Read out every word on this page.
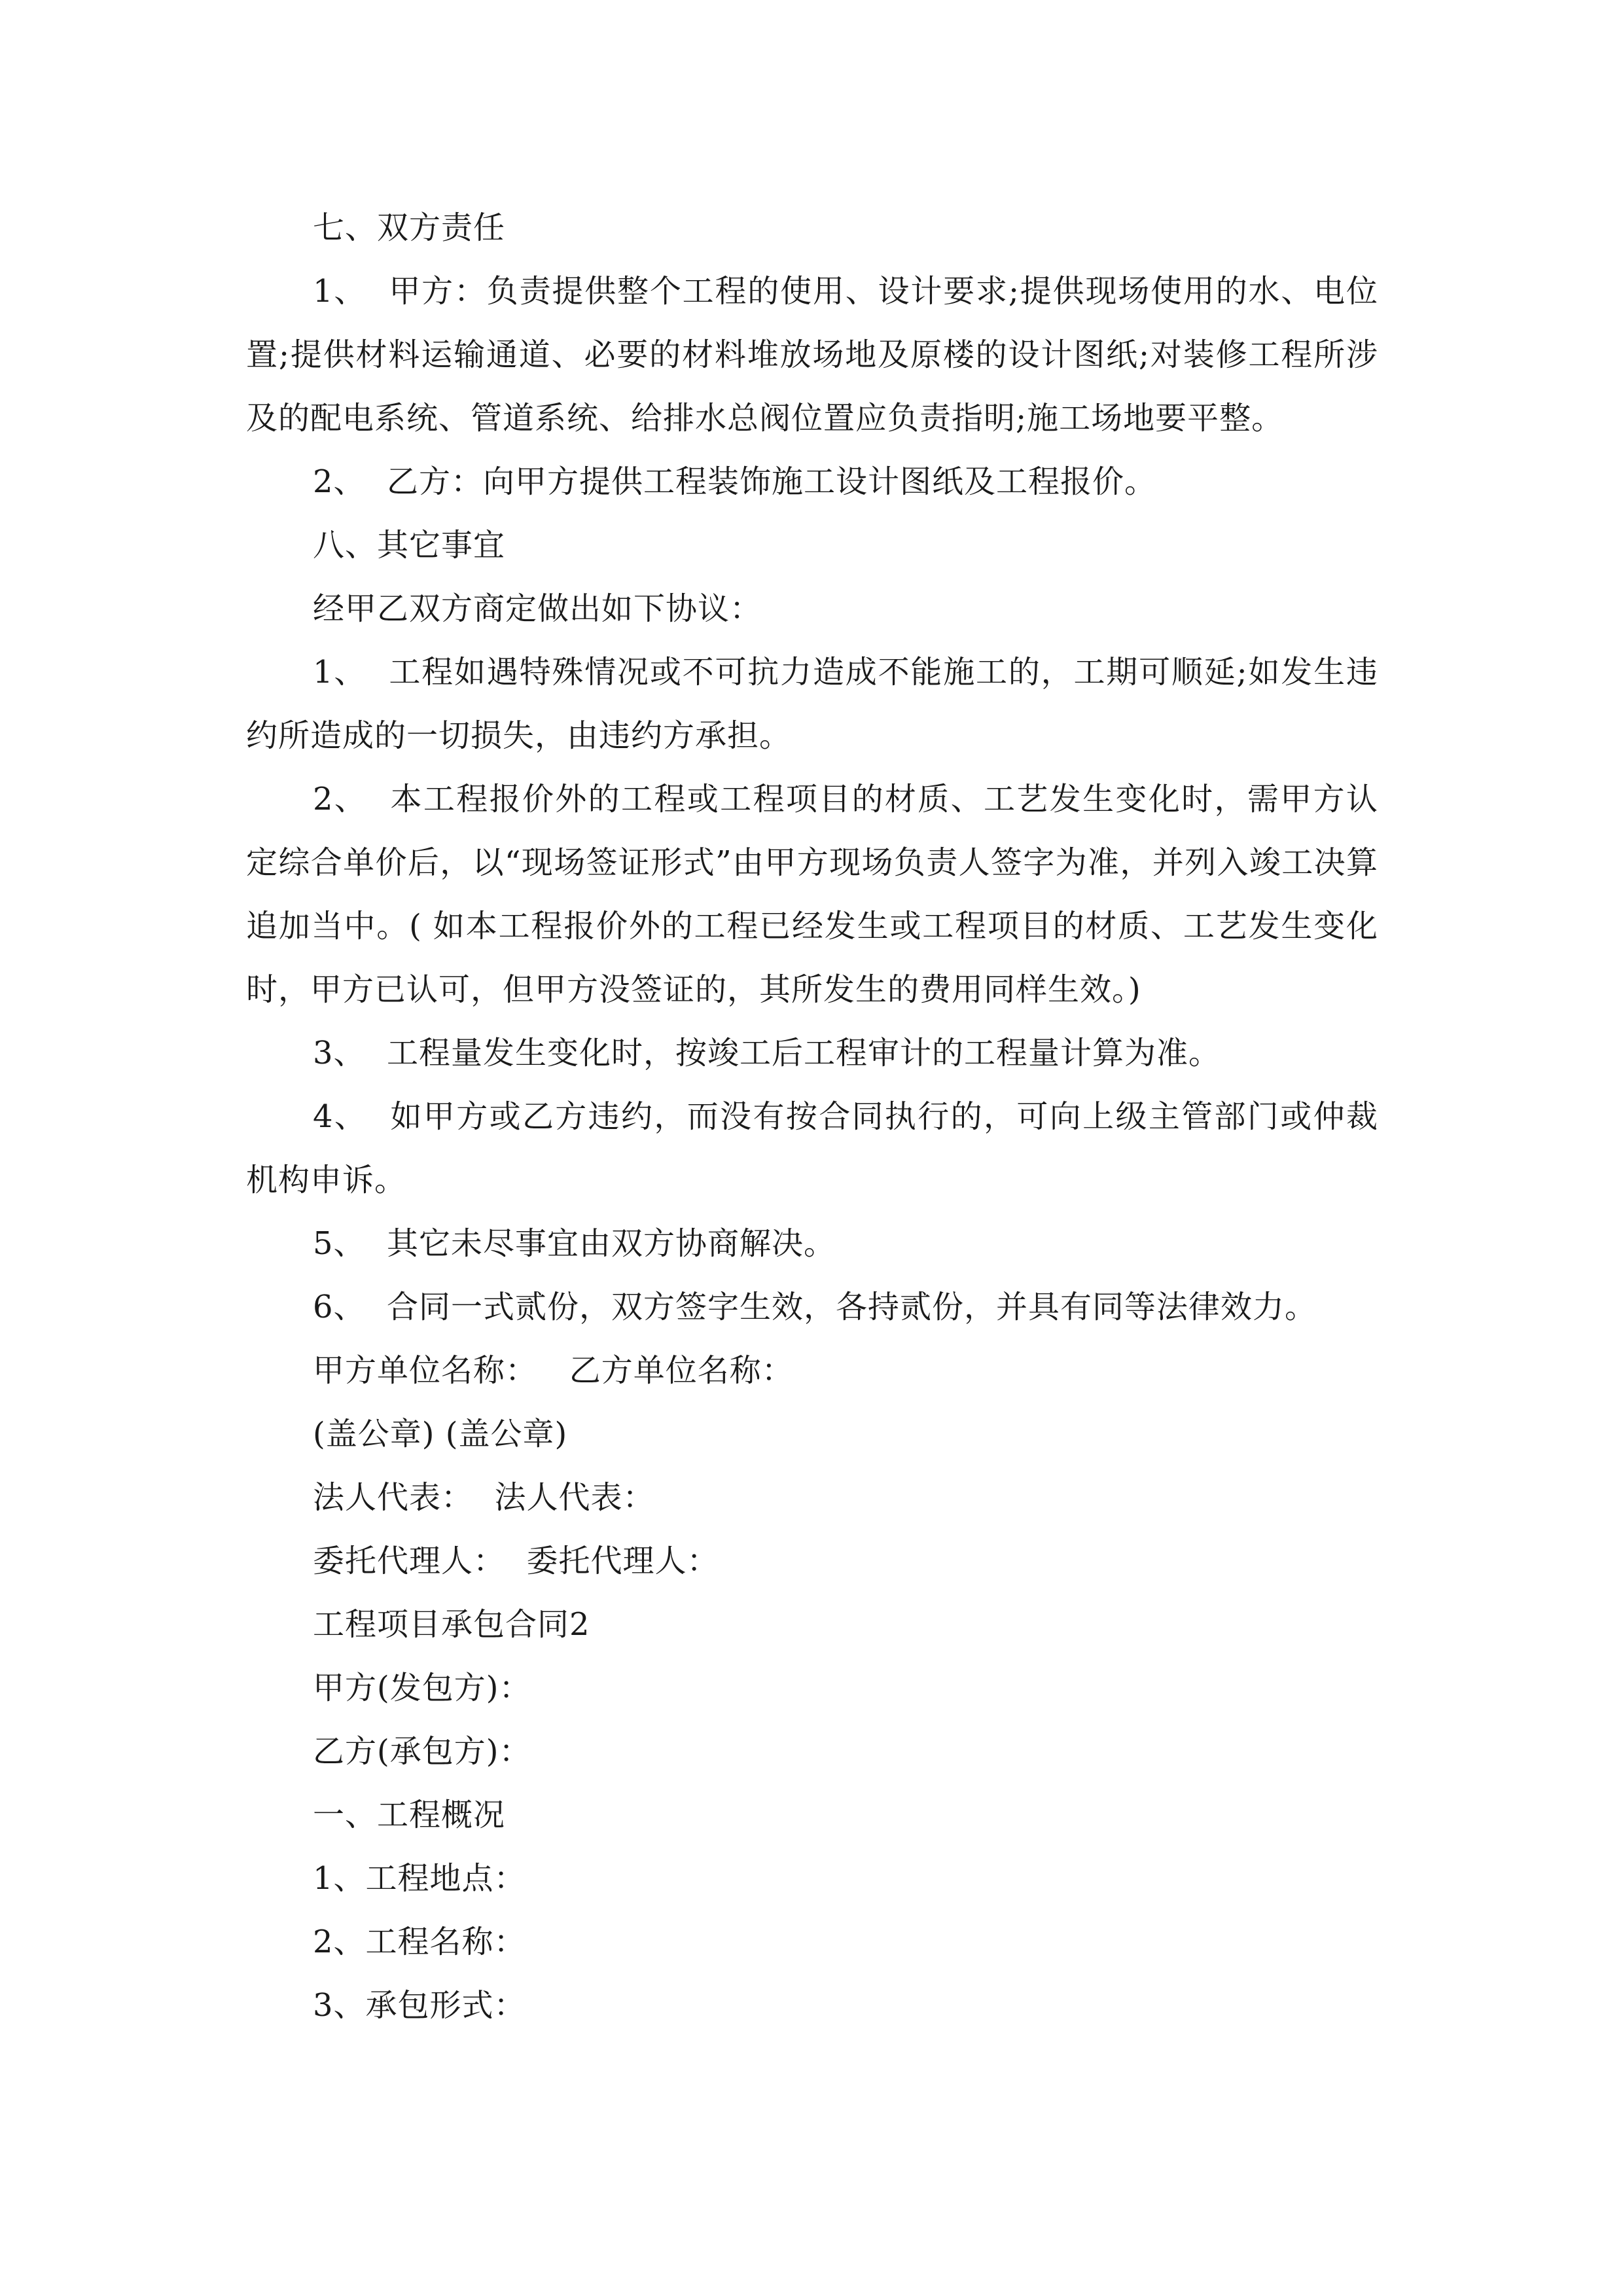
七、双方责任

1、  甲方：负责提供整个工程的使用、设计要求;提供现场使用的水、电位置;提供材料运输通道、必要的材料堆放场地及原楼的设计图纸;对装修工程所涉及的配电系统、管道系统、给排水总阀位置应负责指明;施工场地要平整。

2、  乙方：向甲方提供工程装饰施工设计图纸及工程报价。

八、其它事宜

经甲乙双方商定做出如下协议：

1、  工程如遇特殊情况或不可抗力造成不能施工的，工期可顺延;如发生违约所造成的一切损失，由违约方承担。

2、  本工程报价外的工程或工程项目的材质、工艺发生变化时，需甲方认定综合单价后，以“现场签证形式”由甲方现场负责人签字为准，并列入竣工决算追加当中。( 如本工程报价外的工程已经发生或工程项目的材质、工艺发生变化时，甲方已认可，但甲方没签证的，其所发生的费用同样生效。)

3、  工程量发生变化时，按竣工后工程审计的工程量计算为准。

4、  如甲方或乙方违约，而没有按合同执行的，可向上级主管部门或仲裁机构申诉。

5、  其它未尽事宜由双方协商解决。

6、  合同一式贰份，双方签字生效，各持贰份，并具有同等法律效力。

甲方单位名称：   乙方单位名称：

(盖公章) (盖公章)

法人代表：  法人代表：

委托代理人：  委托代理人：

工程项目承包合同2

甲方(发包方)：

乙方(承包方)：

一、工程概况

1、工程地点：

2、工程名称：

3、承包形式：
